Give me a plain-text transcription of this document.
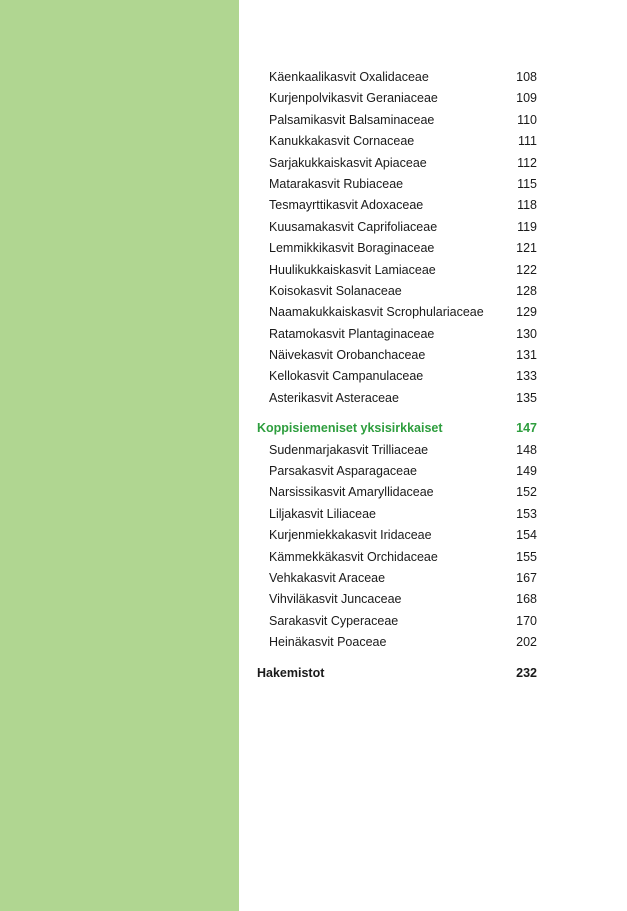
Käenkaalikasvit Oxalidaceae	108
Kurjenpolvikasvit Geraniaceae	109
Palsamikasvit Balsaminaceae	110
Kanukkakasvit Cornaceae	111
Sarjakukkaiskasvit Apiaceae	112
Matarakasvit Rubiaceae	115
Tesmayrttikasvit Adoxaceae	118
Kuusamakasvit Caprifoliaceae	119
Lemmikkikasvit Boraginaceae	121
Huulikukkaiskasvit Lamiaceae	122
Koisokasvit Solanaceae	128
Naamakukkaiskasvit Scrophulariaceae	129
Ratamokasvit Plantaginaceae	130
Näivekasvit Orobanchaceae	131
Kellokasvit Campanulaceae	133
Asterikasvit Asteraceae	135
Koppisiemeniset yksisirkkaiset	147
Sudenmarjakasvit Trilliaceae	148
Parsakasvit Asparagaceae	149
Narsissikasvit Amaryllidaceae	152
Liljakasvit Liliaceae	153
Kurjenmiekkakasvit Iridaceae	154
Kämmekkäkasvit Orchidaceae	155
Vehkakasvit Araceae	167
Vihviläkasvit Juncaceae	168
Sarakasvit Cyperaceae	170
Heinäkasvit Poaceae	202
Hakemistot	232
